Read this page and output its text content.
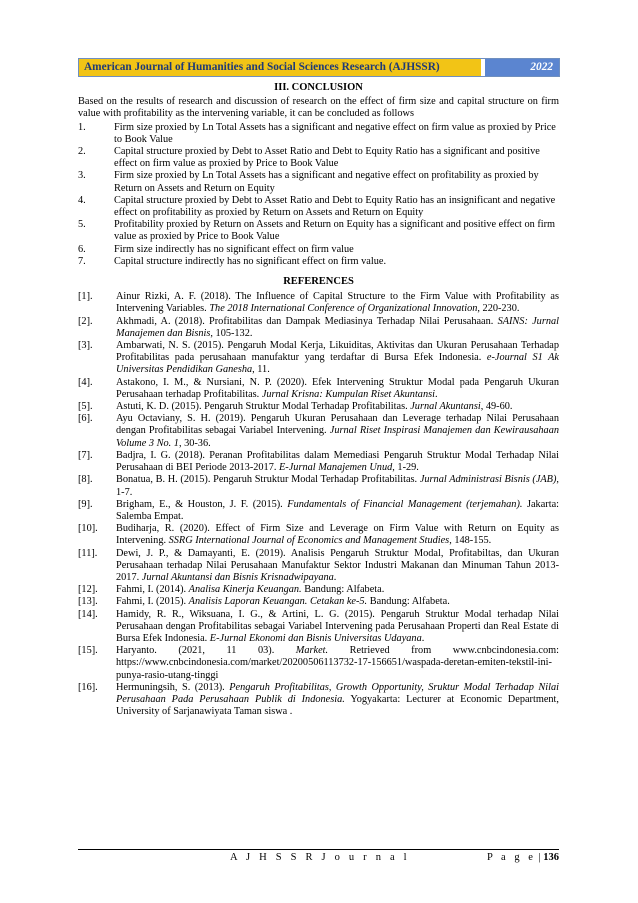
American Journal of Humanities and Social Sciences Research (AJHSSR)	2022
III. CONCLUSION
Based on the results of research and discussion of research on the effect of firm size and capital structure on firm value with profitability as the intervening variable, it can be concluded as follows
1.	Firm size proxied by Ln Total Assets has a significant and negative effect on firm value as proxied by Price to Book Value
2.	Capital structure proxied by Debt to Asset Ratio and Debt to Equity Ratio has a significant and positive effect on firm value as proxied by Price to Book Value
3.	Firm size proxied by Ln Total Assets has a significant and negative effect on profitability as proxied by Return on Assets and Return on Equity
4.	Capital structure proxied by Debt to Asset Ratio and Debt to Equity Ratio has an insignificant and negative effect on profitability as proxied by Return on Assets and Return on Equity
5.	Profitability proxied by Return on Assets and Return on Equity has a significant and positive effect on firm value as proxied by Price to Book Value
6.	Firm size indirectly has no significant effect on firm value
7.	Capital structure indirectly has no significant effect on firm value.
REFERENCES
[1].	Ainur Rizki, A. F. (2018). The Influence of Capital Structure to the Firm Value with Profitability as Intervening Variables. The 2018 International Conference of Organizational Innovation, 220-230.
[2].	Akhmadi, A. (2018). Profitabilitas dan Dampak Mediasinya Terhadap Nilai Perusahaan. SAINS: Jurnal Manajemen dan Bisnis, 105-132.
[3].	Ambarwati, N. S. (2015). Pengaruh Modal Kerja, Likuiditas, Aktivitas dan Ukuran Perusahaan Terhadap Profitabilitas pada perusahaan manufaktur yang terdaftar di Bursa Efek Indonesia. e-Journal S1 Ak Universitas Pendidikan Ganesha, 11.
[4].	Astakono, I. M., & Nursiani, N. P. (2020). Efek Intervening Struktur Modal pada Pengaruh Ukuran Perusahaan terhadap Profitabilitas. Jurnal Krisna: Kumpulan Riset Akuntansi.
[5].	Astuti, K. D. (2015). Pengaruh Struktur Modal Terhadap Profitabilitas. Jurnal Akuntansi, 49-60.
[6].	Ayu Octaviany, S. H. (2019). Pengaruh Ukuran Perusahaan dan Leverage terhadap Nilai Perusahaan dengan Profitabilitas sebagai Variabel Intervening. Jurnal Riset Inspirasi Manajemen dan Kewirausahaan Volume 3 No. 1, 30-36.
[7].	Badjra, I. G. (2018). Peranan Profitabilitas dalam Memediasi Pengaruh Struktur Modal Terhadap Nilai Perusahaan di BEI Periode 2013-2017. E-Jurnal Manajemen Unud, 1-29.
[8].	Bonatua, B. H. (2015). Pengaruh Struktur Modal Terhadap Profitabilitas. Jurnal Administrasi Bisnis (JAB), 1-7.
[9].	Brigham, E., & Houston, J. F. (2015). Fundamentals of Financial Management (terjemahan). Jakarta: Salemba Empat.
[10].	Budiharja, R. (2020). Effect of Firm Size and Leverage on Firm Value with Return on Equity as Intervening. SSRG International Journal of Economics and Management Studies, 148-155.
[11].	Dewi, J. P., & Damayanti, E. (2019). Analisis Pengaruh Struktur Modal, Profitabiltas, dan Ukuran Perusahaan terhadap Nilai Perusahaan Manufaktur Sektor Industri Makanan dan Minuman Tahun 2013-2017. Jurnal Akuntansi dan Bisnis Krisnadwipayana.
[12].	Fahmi, I. (2014). Analisa Kinerja Keuangan. Bandung: Alfabeta.
[13].	Fahmi, I. (2015). Analisis Laporan Keuangan. Cetakan ke-5. Bandung: Alfabeta.
[14].	Hamidy, R. R., Wiksuana, I. G., & Artini, L. G. (2015). Pengaruh Struktur Modal terhadap Nilai Perusahaan dengan Profitabilitas sebagai Variabel Intervening pada Perusahaan Properti dan Real Estate di Bursa Efek Indonesia. E-Jurnal Ekonomi dan Bisnis Universitas Udayana.
[15].	Haryanto. (2021, 11 03). Market. Retrieved from www.cnbcindonesia.com: https://www.cnbcindonesia.com/market/20200506113732-17-156651/waspada-deretan-emiten-tekstil-ini-punya-rasio-utang-tinggi
[16].	Hermuningsih, S. (2013). Pengaruh Profitabilitas, Growth Opportunity, Sruktur Modal Terhadap Nilai Perusahaan Pada Perusahaan Publik di Indonesia. Yogyakarta: Lecturer at Economic Department, University of Sarjanawiyata Taman siswa .
A J H S S R J o u r n a l	P a g e | 136
